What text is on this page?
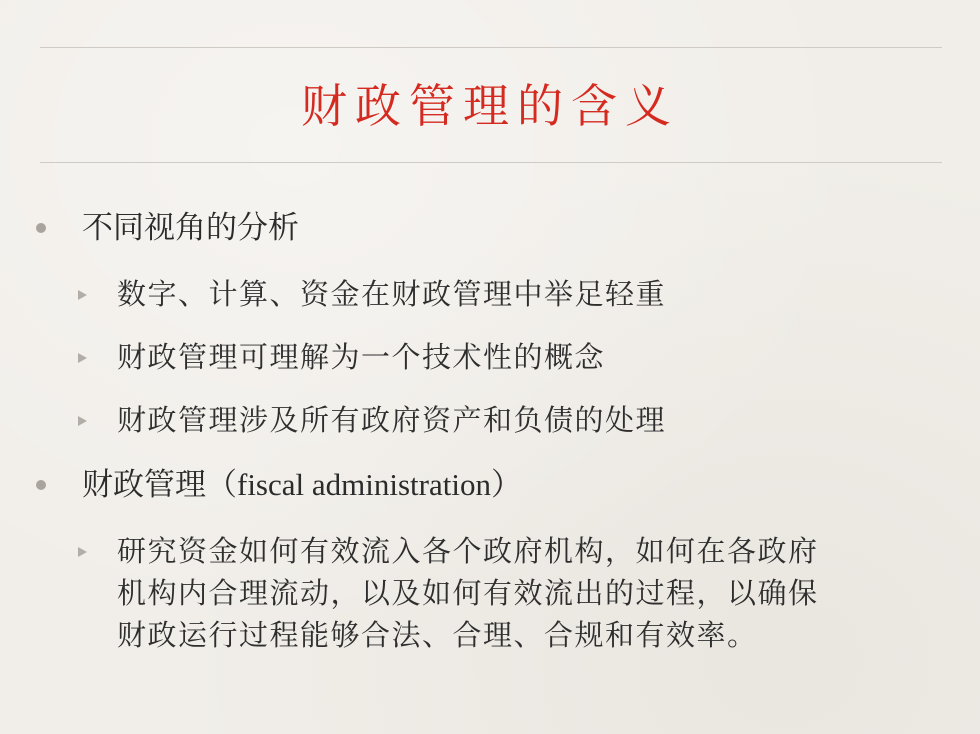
财政管理的含义
不同视角的分析
数字、计算、资金在财政管理中举足轻重
财政管理可理解为一个技术性的概念
财政管理涉及所有政府资产和负债的处理
财政管理（fiscal administration）
研究资金如何有效流入各个政府机构，如何在各政府
机构内合理流动，以及如何有效流出的过程，以确保
财政运行过程能够合法、合理、合规和有效率。
